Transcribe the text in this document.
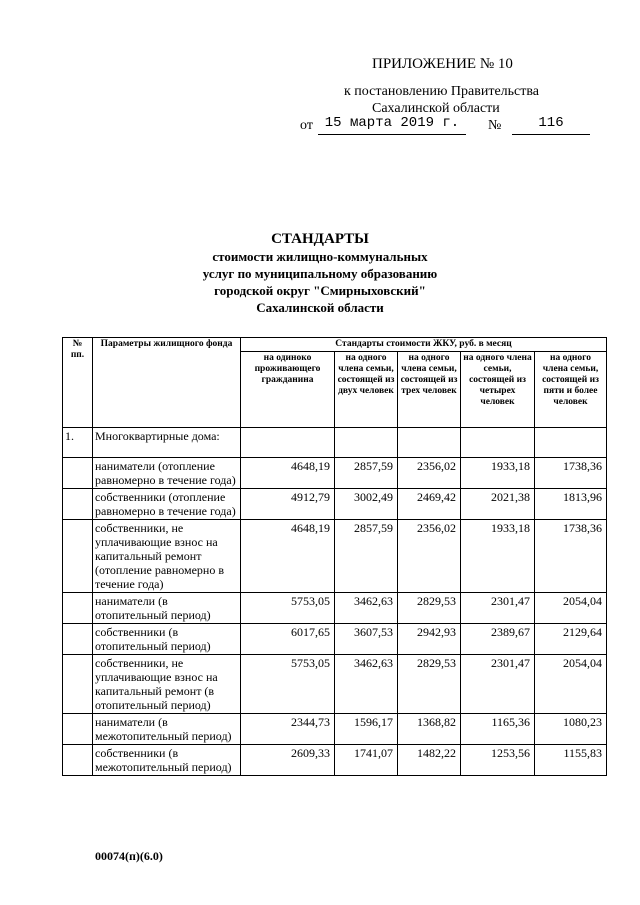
ПРИЛОЖЕНИЕ № 10
к постановлению Правительства
Сахалинской области
от 15 марта 2019 г.	№	116
СТАНДАРТЫ
стоимости жилищно-коммунальных
услуг по муниципальному образованию
городской округ "Смирныховский"
Сахалинской области
№ пп.	Параметры жилищного фонда	Стандарты стоимости ЖКУ, руб. в месяц				
		на одиноко проживающего гражданина	на одного члена семьи, состоящей из двух человек	на одного члена семьи, состоящей из трех человек	на одного члена семьи, состоящей из четырех человек	на одного члена семьи, состоящей из пяти и более человек
1.	Многоквартирные дома:					
	наниматели (отопление равномерно в течение года)	4648,19	2857,59	2356,02	1933,18	1738,36
	собственники (отопление равномерно в течение года)	4912,79	3002,49	2469,42	2021,38	1813,96
	собственники, не уплачивающие взнос на капитальный ремонт (отопление равномерно в течение года)	4648,19	2857,59	2356,02	1933,18	1738,36
	наниматели (в отопительный период)	5753,05	3462,63	2829,53	2301,47	2054,04
	собственники (в отопительный период)	6017,65	3607,53	2942,93	2389,67	2129,64
	собственники, не уплачивающие взнос на капитальный ремонт (в отопительный период)	5753,05	3462,63	2829,53	2301,47	2054,04
	наниматели (в межотопительный период)	2344,73	1596,17	1368,82	1165,36	1080,23
	собственники (в межотопительный период)	2609,33	1741,07	1482,22	1253,56	1155,83
00074(п)(6.0)
